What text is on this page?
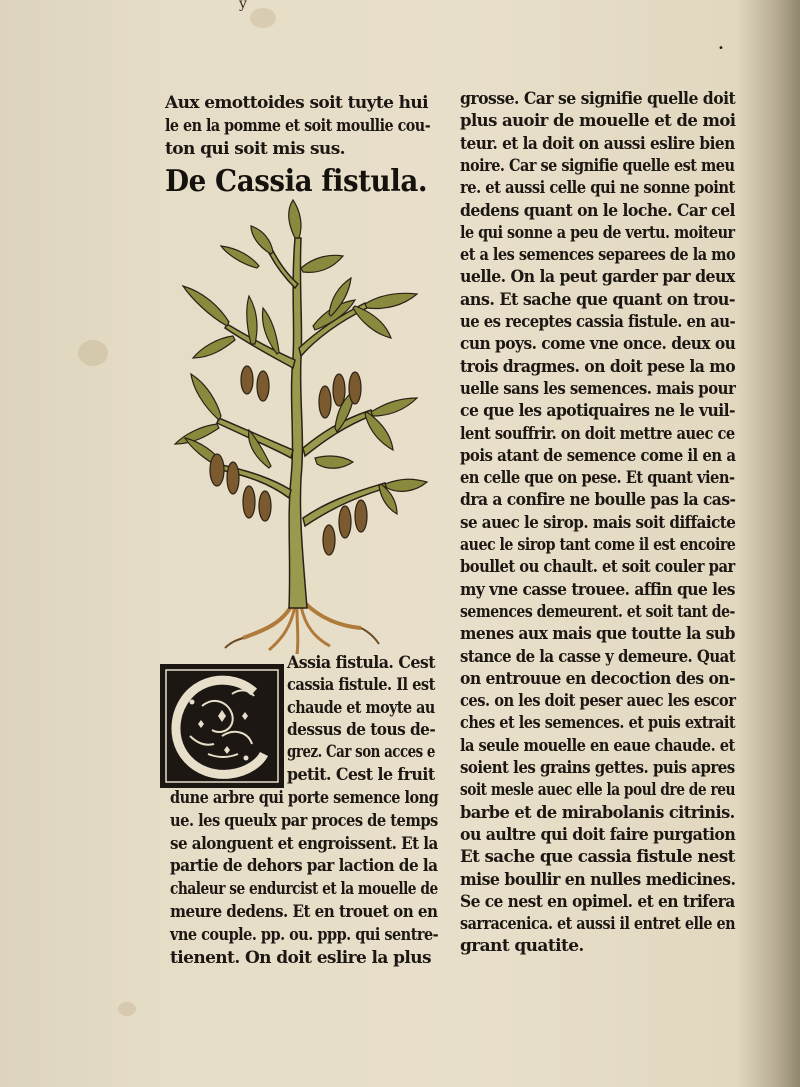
y
•
Aux emottoides soit tuyte hui
le en la pomme et soit moullie cou-
ton qui soit mis sus.
De Cassia fistula.
Assia fistula. Cest
cassia fistule. Il est
chaude et moyte au
dessus de tous de-
grez. Car son acces e
petit. Cest le fruit
dune arbre qui porte semence long
ue. les queulx par proces de temps
se alonguent et engroissent. Et la
partie de dehors par laction de la
chaleur se endurcist et la mouelle de
meure dedens. Et en trouet on en
vne couple. pp. ou. ppp. qui sentre-
tienent. On doit eslire la plus
grosse. Car se signifie quelle doit
plus auoir de mouelle et de moi
teur. et la doit on aussi eslire bien
noire. Car se signifie quelle est meu
re. et aussi celle qui ne sonne point
dedens quant on le loche. Car cel
le qui sonne a peu de vertu. moiteur
et a les semences separees de la mo
uelle. On la peut garder par deux
ans. Et sache que quant on trou-
ue es receptes cassia fistule. en au-
cun poys. come vne once. deux ou
trois dragmes. on doit pese la mo
uelle sans les semences. mais pour
ce que les apotiquaires ne le vuil-
lent souffrir. on doit mettre auec ce
pois atant de semence come il en a
en celle que on pese. Et quant vien-
dra a confire ne boulle pas la cas-
se auec le sirop. mais soit diffaicte
auec le sirop tant come il est encoire
boullet ou chault. et soit couler par
my vne casse trouee. affin que les
semences demeurent. et soit tant de-
menes aux mais que toutte la sub
stance de la casse y demeure. Quat
on entrouue en decoction des on-
ces. on les doit peser auec les escor
ches et les semences. et puis extrait
la seule mouelle en eaue chaude. et
soient les grains gettes. puis apres
soit mesle auec elle la poul dre de reu
barbe et de mirabolanis citrinis.
ou aultre qui doit faire purgation
Et sache que cassia fistule nest
mise boullir en nulles medicines.
Se ce nest en opimel. et en trifera
sarracenica. et aussi il entret elle en
grant quatite.
